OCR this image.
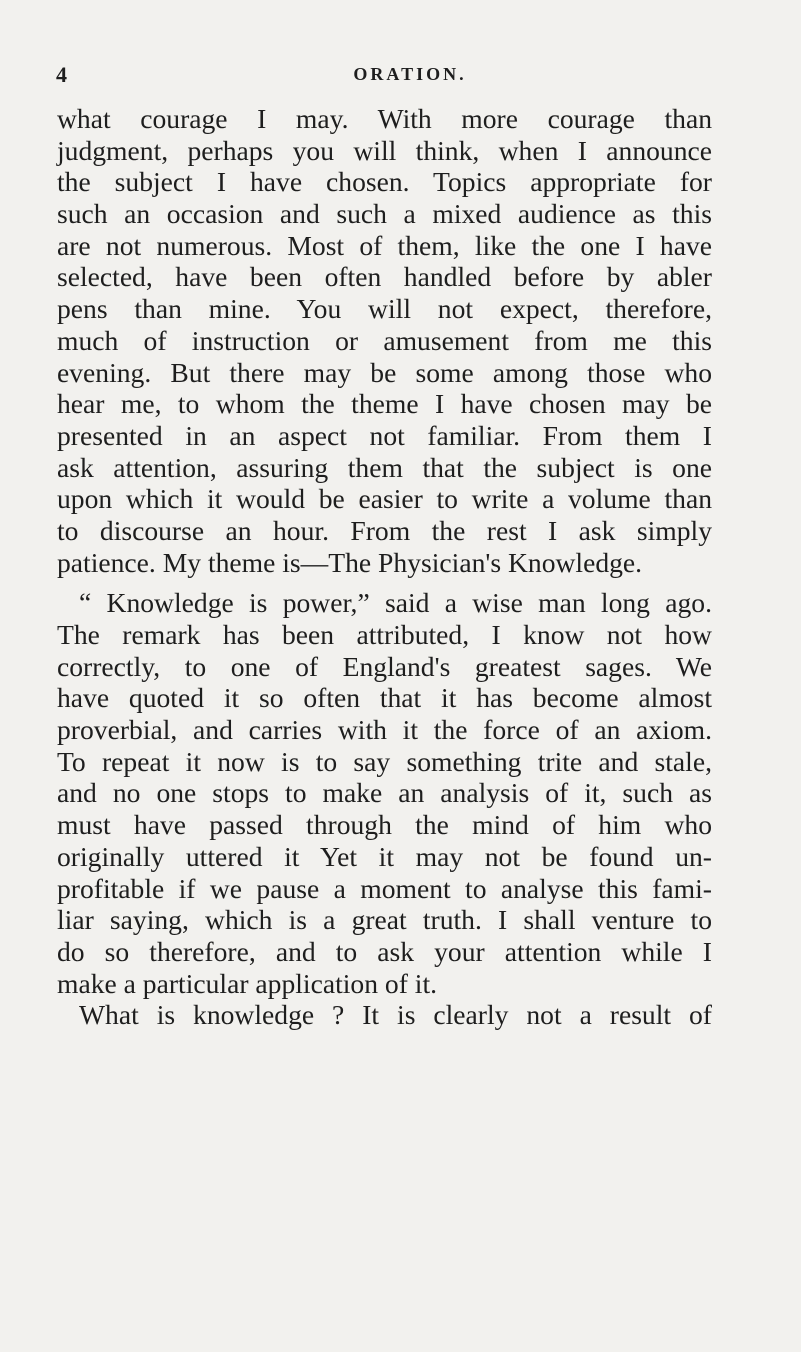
4	ORATION.
what courage I may. With more courage than
judgment, perhaps you will think, when I announce
the subject I have chosen. Topics appropriate for
such an occasion and such a mixed audience as this
are not numerous. Most of them, like the one I have
selected, have been often handled before by abler
pens than mine. You will not expect, therefore,
much of instruction or amusement from me this
evening. But there may be some among those who
hear me, to whom the theme I have chosen may be
presented in an aspect not familiar. From them I
ask attention, assuring them that the subject is one
upon which it would be easier to write a volume than
to discourse an hour. From the rest I ask simply
patience. My theme is—The Physician's Knowledge.
“ Knowledge is power,” said a wise man long ago.
The remark has been attributed, I know not how
correctly, to one of England's greatest sages. We
have quoted it so often that it has become almost
proverbial, and carries with it the force of an axiom.
To repeat it now is to say something trite and stale,
and no one stops to make an analysis of it, such as
must have passed through the mind of him who
originally uttered it Yet it may not be found un-
profitable if we pause a moment to analyse this fami-
liar saying, which is a great truth. I shall venture to
do so therefore, and to ask your attention while I
make a particular application of it.
What is knowledge ? It is clearly not a result of
